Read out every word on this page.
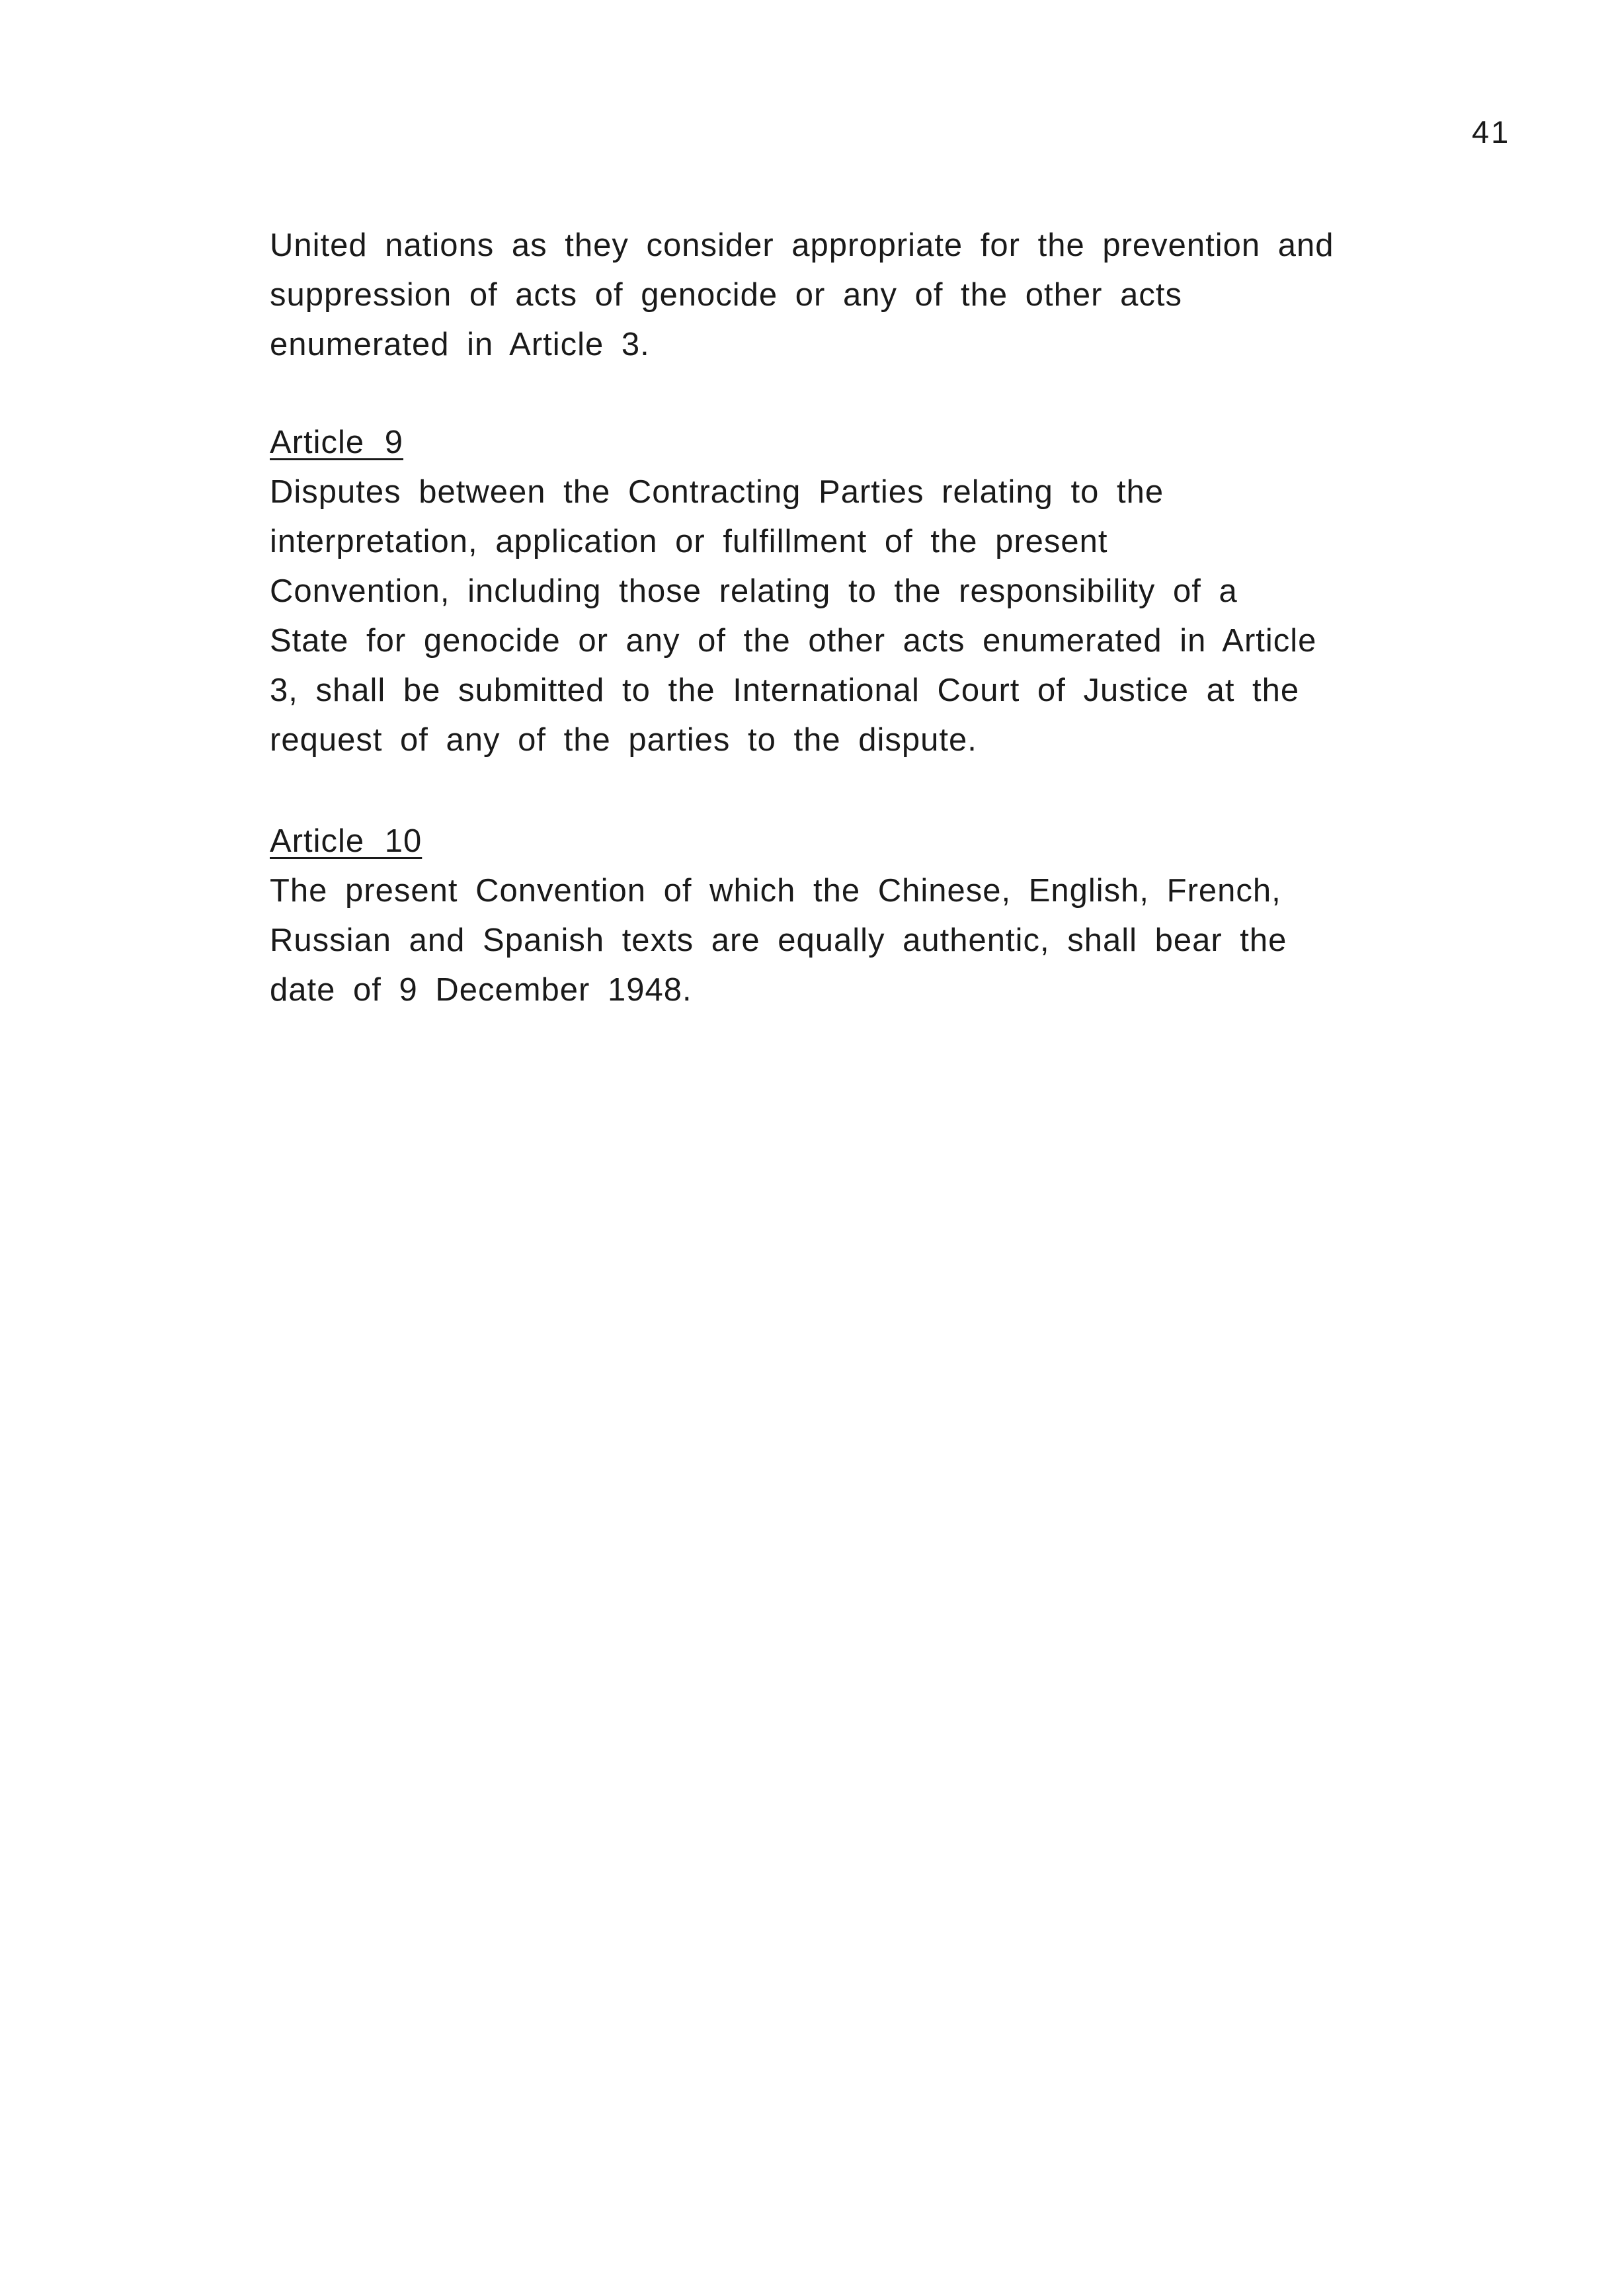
41
United nations as they consider appropriate for the prevention and
suppression of acts of genocide or any of the other acts
enumerated in Article 3.
Article 9
Disputes between the Contracting Parties relating to the
interpretation, application or fulfillment of the present
Convention, including those relating to the responsibility of a
State for genocide or any of the other acts enumerated in Article
3, shall be submitted to the International Court of Justice at the
request of any of the parties to the dispute.
Article 10
The present Convention of which the Chinese, English, French,
Russian and Spanish texts are equally authentic, shall bear the
date of 9 December 1948.
